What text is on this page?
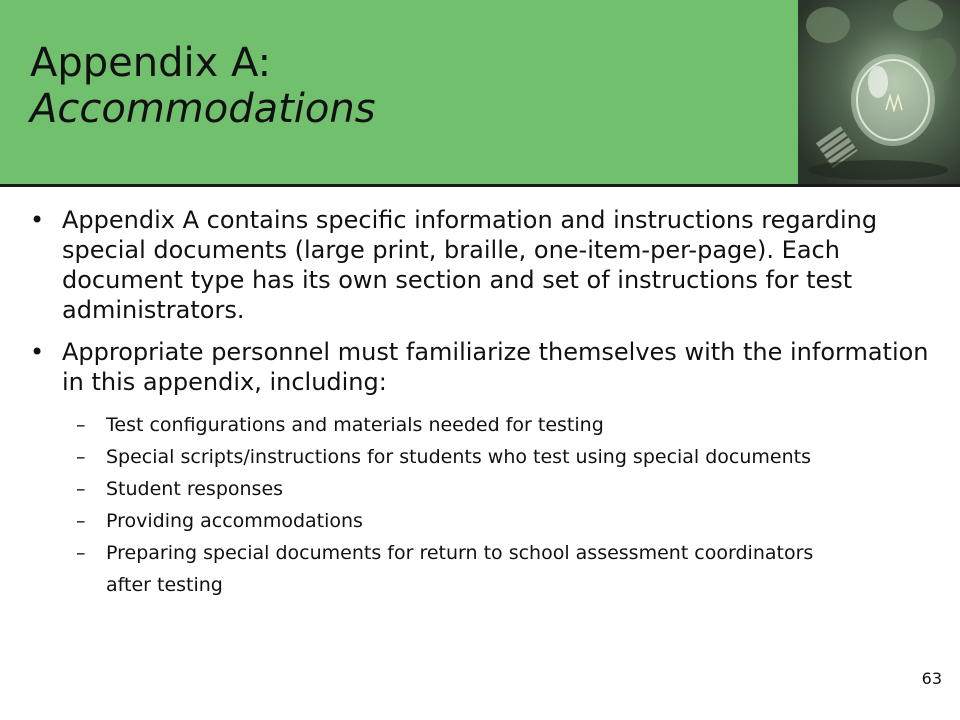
Appendix A:
Accommodations
• Appendix A contains specific information and instructions regarding special documents (large print, braille, one-item-per-page). Each document type has its own section and set of instructions for test administrators.
• Appropriate personnel must familiarize themselves with the information in this appendix, including:
– Test configurations and materials needed for testing
– Special scripts/instructions for students who test using special documents
– Student responses
– Providing accommodations
– Preparing special documents for return to school assessment coordinators after testing
63
